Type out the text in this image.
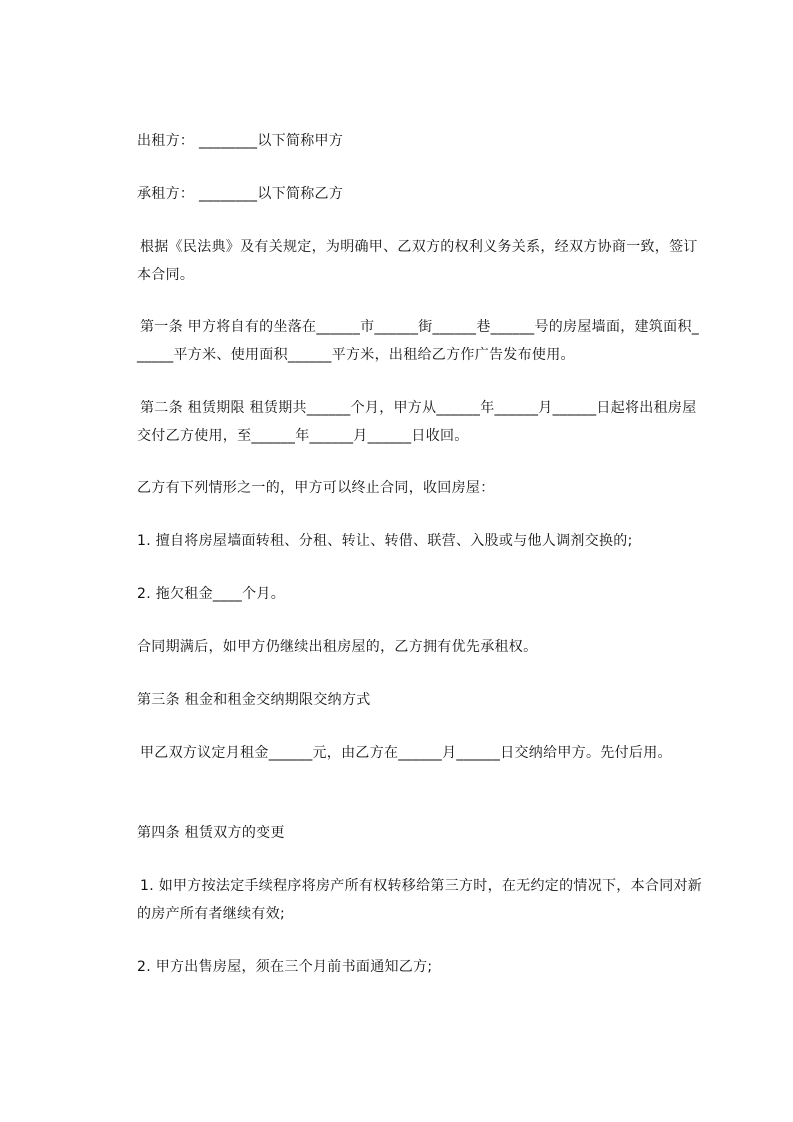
出租方： ________以下简称甲方

承租方： ________以下简称乙方

根据《民法典》及有关规定，为明确甲、乙双方的权利义务关系，经双方协商一致，签订本合同。

第一条 甲方将自有的坐落在______市______街______巷______号的房屋墙面，建筑面积______平方米、使用面积______平方米，出租给乙方作广告发布使用。

第二条 租赁期限 租赁期共______个月，甲方从______年______月______日起将出租房屋交付乙方使用，至______年______月______日收回。

乙方有下列情形之一的，甲方可以终止合同，收回房屋：

1. 擅自将房屋墙面转租、分租、转让、转借、联营、入股或与他人调剂交换的;

2. 拖欠租金____个月。

合同期满后，如甲方仍继续出租房屋的，乙方拥有优先承租权。

第三条 租金和租金交纳期限交纳方式

甲乙双方议定月租金______元，由乙方在______月______日交纳给甲方。先付后用。

第四条 租赁双方的变更

1. 如甲方按法定手续程序将房产所有权转移给第三方时，在无约定的情况下，本合同对新的房产所有者继续有效;

2. 甲方出售房屋，须在三个月前书面通知乙方;
